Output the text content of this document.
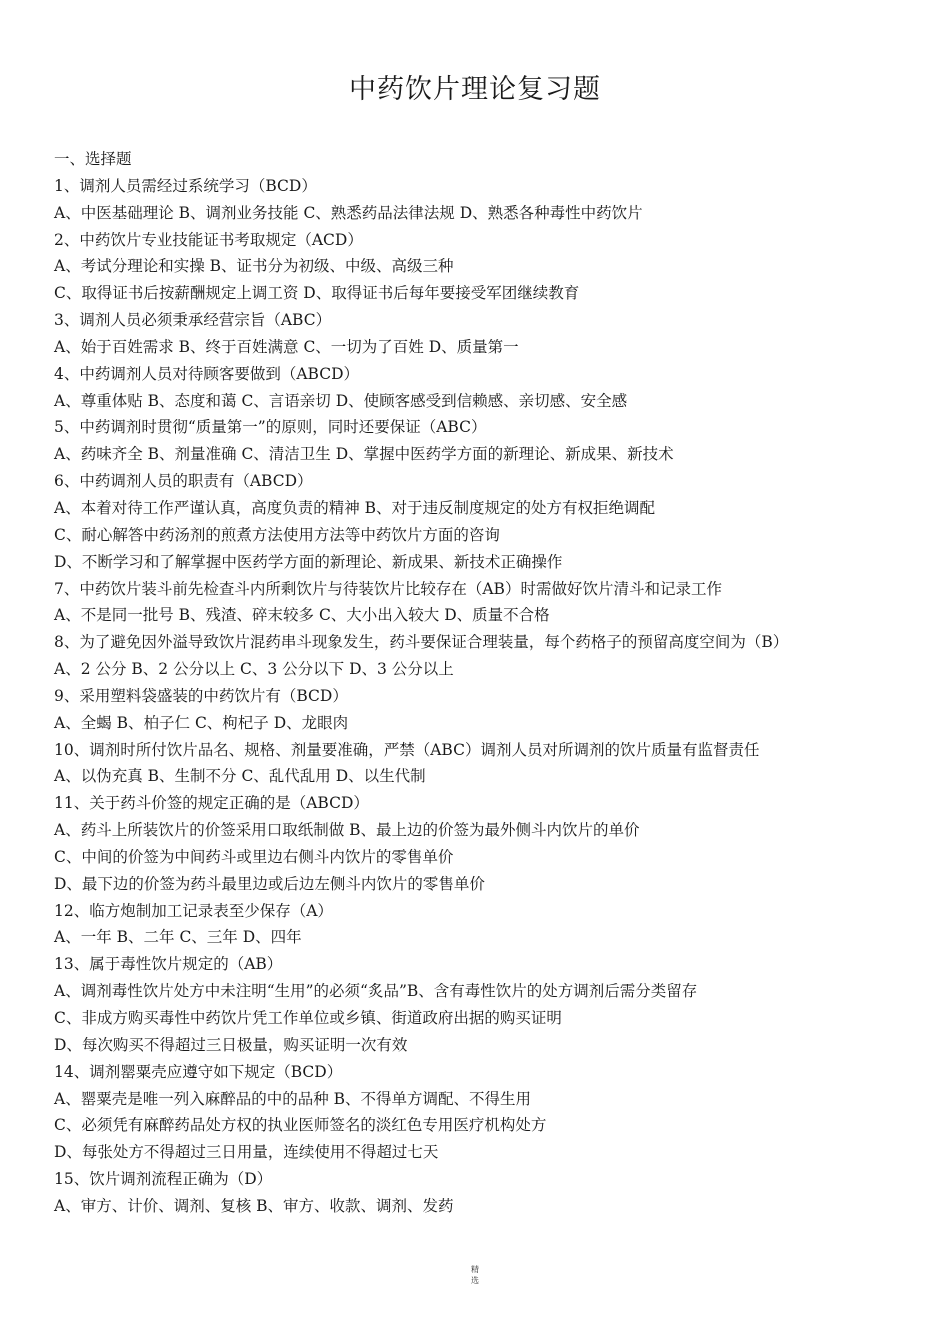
中药饮片理论复习题
一、选择题
1、调剂人员需经过系统学习（BCD）
A、中医基础理论 B、调剂业务技能 C、熟悉药品法律法规 D、熟悉各种毒性中药饮片
2、中药饮片专业技能证书考取规定（ACD）
A、考试分理论和实操 B、证书分为初级、中级、高级三种
C、取得证书后按薪酬规定上调工资 D、取得证书后每年要接受军团继续教育
3、调剂人员必须秉承经营宗旨（ABC）
A、始于百姓需求 B、终于百姓满意 C、一切为了百姓 D、质量第一
4、中药调剂人员对待顾客要做到（ABCD）
A、尊重体贴 B、态度和蔼 C、言语亲切 D、使顾客感受到信赖感、亲切感、安全感
5、中药调剂时贯彻“质量第一”的原则，同时还要保证（ABC）
A、药味齐全 B、剂量准确 C、清洁卫生 D、掌握中医药学方面的新理论、新成果、新技术
6、中药调剂人员的职责有（ABCD）
A、本着对待工作严谨认真，高度负责的精神 B、对于违反制度规定的处方有权拒绝调配
C、耐心解答中药汤剂的煎煮方法使用方法等中药饮片方面的咨询
D、不断学习和了解掌握中医药学方面的新理论、新成果、新技术正确操作
7、中药饮片装斗前先检查斗内所剩饮片与待装饮片比较存在（AB）时需做好饮片清斗和记录工作
A、不是同一批号 B、残渣、碎末较多 C、大小出入较大 D、质量不合格
8、为了避免因外溢导致饮片混药串斗现象发生，药斗要保证合理装量，每个药格子的预留高度空间为（B）
A、2 公分 B、2 公分以上 C、3 公分以下 D、3 公分以上
9、采用塑料袋盛装的中药饮片有（BCD）
A、全蝎 B、柏子仁 C、枸杞子 D、龙眼肉
10、调剂时所付饮片品名、规格、剂量要准确，严禁（ABC）调剂人员对所调剂的饮片质量有监督责任
A、以伪充真 B、生制不分 C、乱代乱用 D、以生代制
11、关于药斗价签的规定正确的是（ABCD）
A、药斗上所装饮片的价签采用口取纸制做 B、最上边的价签为最外侧斗内饮片的单价
C、中间的价签为中间药斗或里边右侧斗内饮片的零售单价
D、最下边的价签为药斗最里边或后边左侧斗内饮片的零售单价
12、临方炮制加工记录表至少保存（A）
A、一年 B、二年 C、三年 D、四年
13、属于毒性饮片规定的（AB）
A、调剂毒性饮片处方中未注明“生用”的必须“炙品”B、含有毒性饮片的处方调剂后需分类留存
C、非成方购买毒性中药饮片凭工作单位或乡镇、街道政府出据的购买证明
D、每次购买不得超过三日极量，购买证明一次有效
14、调剂罂粟壳应遵守如下规定（BCD）
A、罂粟壳是唯一列入麻醉品的中的品种 B、不得单方调配、不得生用
C、必须凭有麻醉药品处方权的执业医师签名的淡红色专用医疗机构处方
D、每张处方不得超过三日用量，连续使用不得超过七天
15、饮片调剂流程正确为（D）
A、审方、计价、调剂、复核 B、审方、收款、调剂、发药
精
选
